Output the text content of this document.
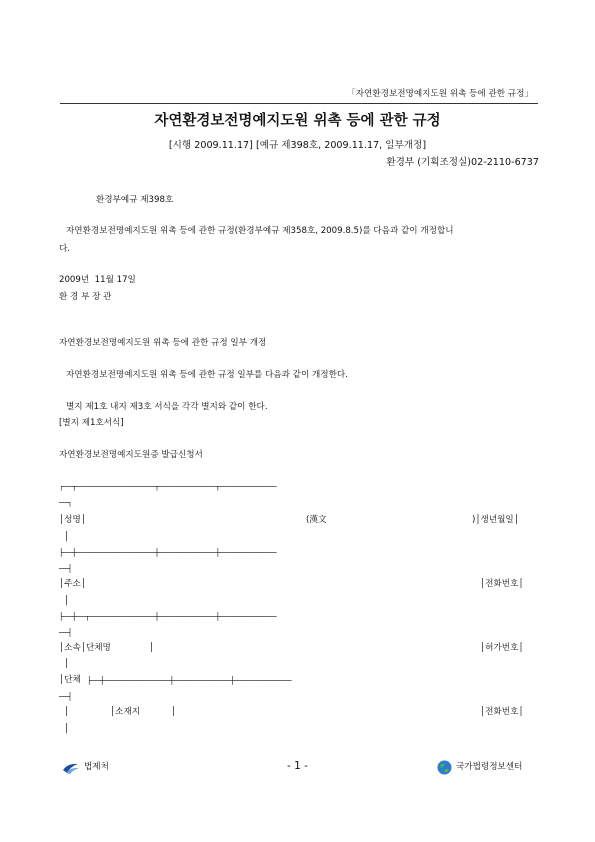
「자연환경보전명예지도원 위촉 등에 관한 규정」
자연환경보전명예지도원 위촉 등에 관한 규정
[시행 2009.11.17] [예규 제398호, 2009.11.17, 일부개정]
환경부 (기획조정실)02-2110-6737
환경부예규 제398호
자연환경보전명예지도원 위촉 등에 관한 규정(환경부예규 제358호, 2009.8.5)를 다음과 같이 개정합니
다.
2009년  11월 17일
환 경 부 장 관
자연환경보전명예지도원 위촉 등에 관한 규정 일부 개정
자연환경보전명예지도원 위촉 등에 관한 규정 일부를 다음과 같이 개정한다.
별지 제1호 내지 제3호 서식을 각각 별지와 같이 한다.
[별지 제1호서식]
자연환경보전명예지도원증 발급신청서
┌──┬──────────────────┬─────────────┬─────────────
──┐
│성명│	(漢文	)│생년월일│
│
├──┼──────────────────┼─────────────┼─────────────
──┤
│주소│	│전화번호│
│
├──┼──┬───────────────┼─────────────┼─────────────
──┤
│소속│단체명	│	│허가번호│
│
│단체 ├──┼───────────────┼─────────────┼─────────────
──┤
│	│소재지	│	│전화번호│
│
법제처	- 1 -	국가법령정보센터
